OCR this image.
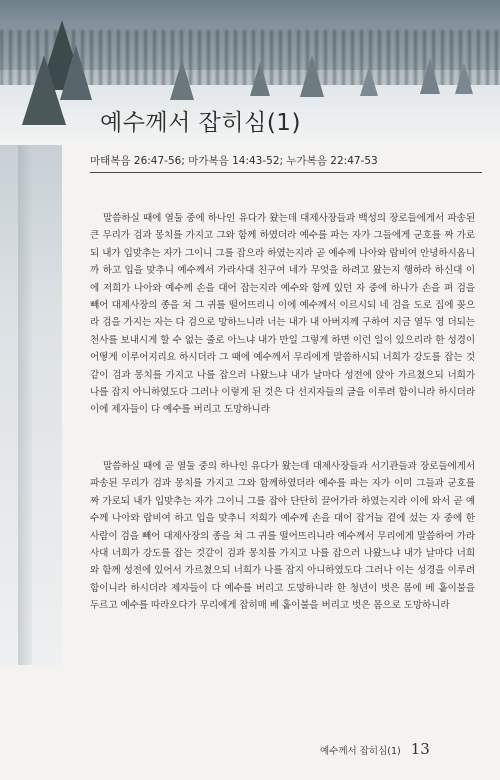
예수께서 잡히심(1)

마태복음 26:47-56; 마가복음 14:43-52; 누가복음 22:47-53

말씀하실 때에 열둘 중에 하나인 유다가 왔는데 대제사장들과 백성의 장로들에게서 파송된 큰 무리가 검과 몽치를 가지고 그와 함께 하였더라 예수를 파는 자가 그들에게 군호를 짜 가로되 내가 입맞추는 자가 그이니 그를 잡으라 하였는지라 곧 예수께 나아와 랍비여 안녕하시옵니까 하고 입을 맞추니 예수께서 가라사대 친구여 네가 무엇을 하려고 왔는지 행하라 하신대 이에 저희가 나아와 예수께 손을 대어 잡는지라 예수와 함께 있던 자 중에 하나가 손을 펴 검을 빼어 대제사장의 종을 쳐 그 귀를 떨어뜨리니 이에 예수께서 이르시되 네 검을 도로 집에 꽂으라 검을 가지는 자는 다 검으로 망하느니라 너는 내가 내 아버지께 구하여 지금 열두 영 더되는 천사를 보내시게 할 수 없는 줄로 아느냐 내가 만일 그렇게 하면 이런 일이 있으리라 한 성경이 어떻게 이루어지리요 하시더라 그 때에 예수께서 무리에게 말씀하시되 너희가 강도를 잡는 것같이 검과 몽치를 가지고 나를 잡으러 나왔느냐 내가 날마다 성전에 앉아 가르쳤으되 너희가 나를 잡지 아니하였도다 그러나 이렇게 된 것은 다 선지자들의 글을 이루려 함이니라 하시더라 이에 제자들이 다 예수를 버리고 도망하니라

말씀하실 때에 곧 열둘 중의 하나인 유다가 왔는데 대제사장들과 서기관들과 장로들에게서 파송된 무리가 검과 몽치를 가지고 그와 함께하였더라 예수를 파는 자가 이미 그들과 군호를 짜 가로되 내가 입맞추는 자가 그이니 그를 잡아 단단히 끌어가라 하였는지라 이에 와서 곧 예수께 나아와 랍비여 하고 입을 맞추니 저희가 예수께 손을 대어 잡거늘 곁에 섰는 자 중에 한 사람이 검을 빼어 대제사장의 종을 쳐 그 귀를 떨어뜨리니라 예수께서 무리에게 말씀하여 가라사대 너희가 강도를 잡는 것같이 검과 몽치를 가지고 나를 잡으러 나왔느냐 내가 날마다 너희와 함께 성전에 있어서 가르쳤으되 너희가 나를 잡지 아니하였도다 그러나 이는 성경을 이루려 함이니라 하시더라 제자들이 다 예수를 버리고 도망하니라 한 청년이 벗은 몸에 베 홑이불을 두르고 예수를 따라오다가 무리에게 잡히매 베 홑이불을 버리고 벗은 몸으로 도망하니라

예수께서 잡히심(1) 13
